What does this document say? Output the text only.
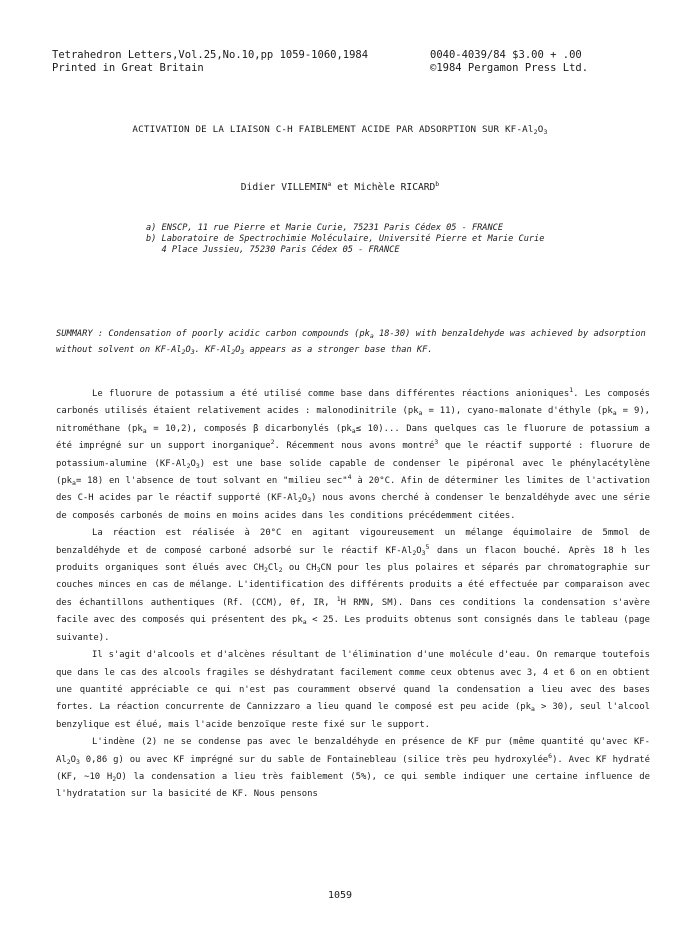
Tetrahedron Letters,Vol.25,No.10,pp 1059-1060,1984
Printed in Great Britain
0040-4039/84 $3.00 + .00
©1984 Pergamon Press Ltd.
ACTIVATION DE LA LIAISON C-H FAIBLEMENT ACIDE PAR ADSORPTION SUR $KF-Al_2O_3$
Didier VILLEMIN$^a$ et Michèle RICARD$^b$
a) ENSCP, 11 rue Pierre et Marie Curie, 75231 Paris Cédex 05 - FRANCE
b) Laboratoire de Spectrochimie Moléculaire, Université Pierre et Marie Curie
4 Place Jussieu, 75230 Paris Cédex 05 - FRANCE
SUMMARY : Condensation of poorly acidic carbon compounds ($pk_a$ 18-30) with benzaldehyde was achieved by adsorption without solvent on $KF-Al_2O_3$. $KF-Al_2O_3$ appears as a stronger base than KF.

Le fluorure de potassium a été utilisé comme base dans différentes réactions anioniques$^1$. Les composés carbonés utilisés étaient relativement acides : malonodinitrile $(pk_a = 11)$, cyano-malonate d'éthyle $(pk_a = 9)$, nitrométhane $(pk_a = 10,2)$, composés β dicarbonylés $(pk_a\le 10)$... Dans quelques cas le fluorure de potassium a été imprégné sur un support inorganique$^2$. Récemment nous avons montré$^3$ que le réactif supporté : fluorure de potassium-alumine $(KF-Al_2O_3)$ est une base solide capable de condenser le pipéronal avec le phénylacétylène $(pk_a= 18)$ en l'absence de tout solvant en "milieu sec"$^4$ à 20°C. Afin de déterminer les limites de l'activation des C-H acides par le réactif supporté $(KF-Al_2O_3)$ nous avons cherché à condenser le benzaldéhyde avec une série de composés carbonés de moins en moins acides dans les conditions précédemment citées.

La réaction est réalisée à 20°C en agitant vigoureusement un mélange équimolaire de 5mmol de benzaldéhyde et de composé carboné adsorbé sur le réactif $KF-Al_2O_3^5$ dans un flacon bouché. Après 18 h les produits organiques sont élués avec $CH_2Cl_2$ ou $CH_3CN$ pour les plus polaires et séparés par chromatographie sur couches minces en cas de mélange. L'identification des différents produits a été effectuée par comparaison avec des échantillons authentiques (Rf. (CCM), θf, IR, $^1$H RMN, SM). Dans ces conditions la condensation s'avère facile avec des composés qui présentent des $pk_a < 25$. Les produits obtenus sont consignés dans le tableau (page suivante).

Il s'agit d'alcools et d'alcènes résultant de l'élimination d'une molécule d'eau. On remarque toutefois que dans le cas des alcools fragiles se déshydratant facilement comme ceux obtenus avec 3, 4 et 6 on en obtient une quantité appréciable ce qui n'est pas couramment observé quand la condensation a lieu avec des bases fortes. La réaction concurrente de Cannizzaro a lieu quand le composé est peu acide $(pk_a > 30)$, seul l'alcool benzylique est élué, mais l'acide benzoïque reste fixé sur le support.

L'indène (2) ne se condense pas avec le benzaldéhyde en présence de KF pur (même quantité qu'avec $KF-Al_2O_3$ 0,86 g) ou avec KF imprégné sur du sable de Fontainebleau (silice très peu hydroxylée$^6$). Avec KF hydraté (KF, ∼10 $H_2O$) la condensation a lieu très faiblement (5%), ce qui semble indiquer une certaine influence de l'hydratation sur la basicité de KF. Nous pensons

1059
